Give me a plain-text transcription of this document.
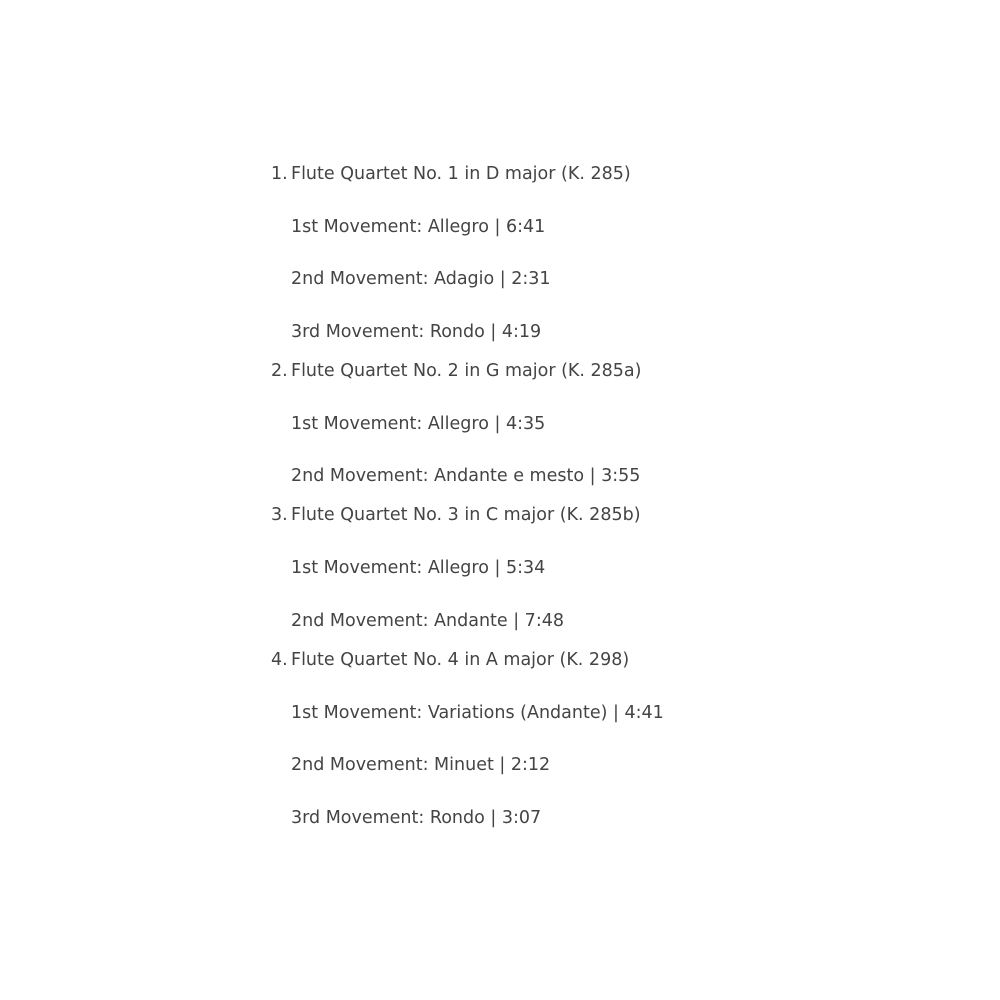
1. Flute Quartet No. 1 in D major (K. 285)
1st Movement: Allegro | 6:41
2nd Movement: Adagio | 2:31
3rd Movement: Rondo | 4:19
2. Flute Quartet No. 2 in G major (K. 285a)
1st Movement: Allegro | 4:35
2nd Movement: Andante e mesto | 3:55
3. Flute Quartet No. 3 in C major (K. 285b)
1st Movement: Allegro | 5:34
2nd Movement: Andante | 7:48
4. Flute Quartet No. 4 in A major (K. 298)
1st Movement: Variations (Andante) | 4:41
2nd Movement: Minuet | 2:12
3rd Movement: Rondo | 3:07
